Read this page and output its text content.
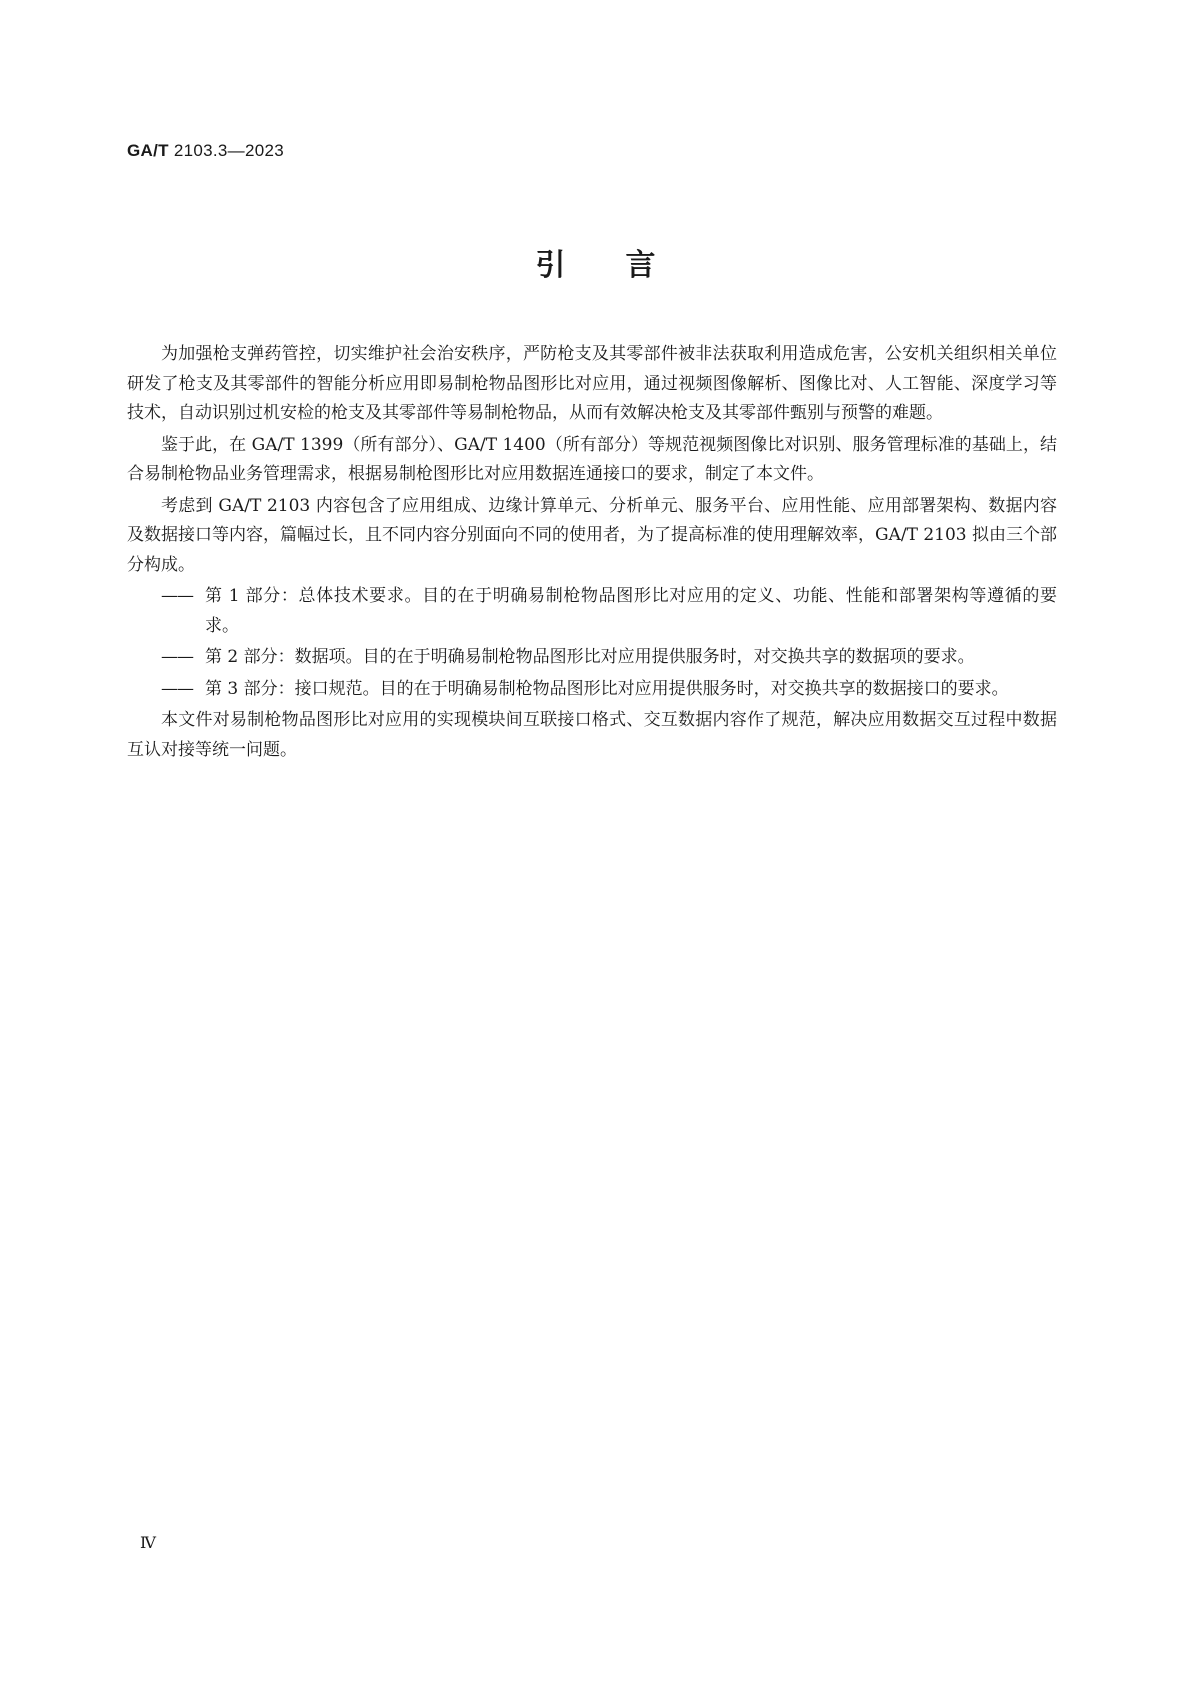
GA/T 2103.3—2023
引言

为加强枪支弹药管控，切实维护社会治安秩序，严防枪支及其零部件被非法获取利用造成危害，公安机关组织相关单位研发了枪支及其零部件的智能分析应用即易制枪物品图形比对应用，通过视频图像解析、图像比对、人工智能、深度学习等技术，自动识别过机安检的枪支及其零部件等易制枪物品，从而有效解决枪支及其零部件甄别与预警的难题。

鉴于此，在 GA/T 1399（所有部分）、GA/T 1400（所有部分）等规范视频图像比对识别、服务管理标准的基础上，结合易制枪物品业务管理需求，根据易制枪图形比对应用数据连通接口的要求，制定了本文件。

考虑到 GA/T 2103 内容包含了应用组成、边缘计算单元、分析单元、服务平台、应用性能、应用部署架构、数据内容及数据接口等内容，篇幅过长，且不同内容分别面向不同的使用者，为了提高标准的使用理解效率，GA/T 2103 拟由三个部分构成。

—— 第 1 部分：总体技术要求。目的在于明确易制枪物品图形比对应用的定义、功能、性能和部署架构等遵循的要求。
—— 第 2 部分：数据项。目的在于明确易制枪物品图形比对应用提供服务时，对交换共享的数据项的要求。
—— 第 3 部分：接口规范。目的在于明确易制枪物品图形比对应用提供服务时，对交换共享的数据接口的要求。

本文件对易制枪物品图形比对应用的实现模块间互联接口格式、交互数据内容作了规范，解决应用数据交互过程中数据互认对接等统一问题。

Ⅳ
